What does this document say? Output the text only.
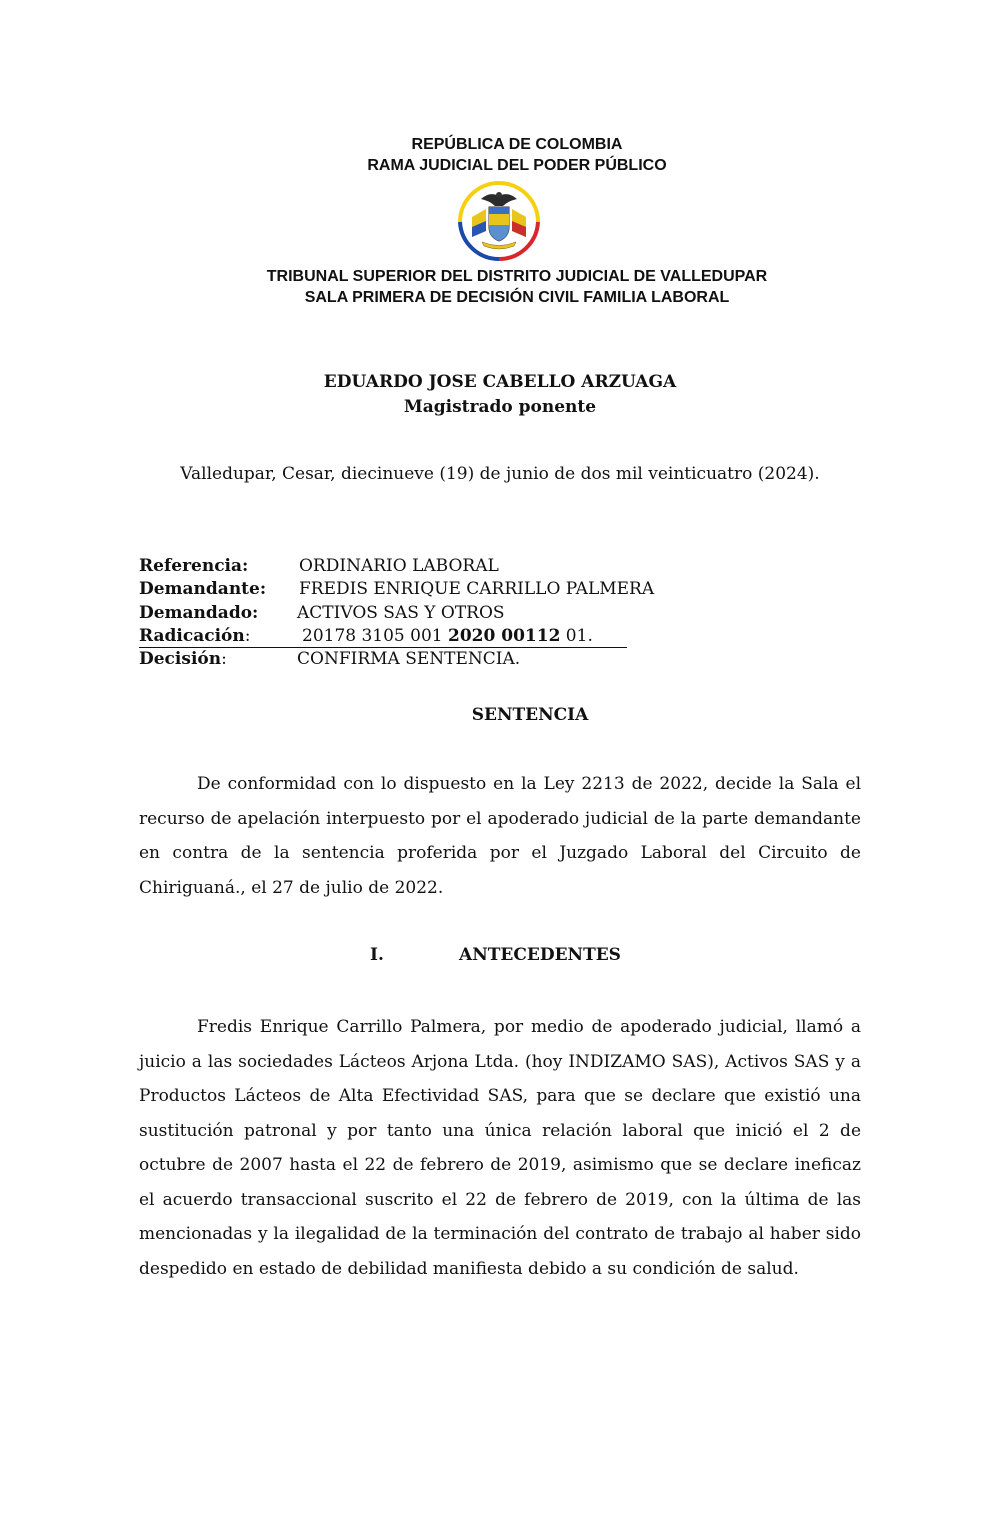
REPÚBLICA DE COLOMBIA
RAMA JUDICIAL DEL PODER PÚBLICO
TRIBUNAL SUPERIOR DEL DISTRITO JUDICIAL DE VALLEDUPAR
SALA PRIMERA DE DECISIÓN CIVIL FAMILIA LABORAL
EDUARDO JOSE CABELLO ARZUAGA
Magistrado ponente
Valledupar, Cesar, diecinueve (19) de junio de dos mil veinticuatro (2024).
Referencia:	ORDINARIO LABORAL
Demandante: FREDIS ENRIQUE CARRILLO PALMERA
Demandado: ACTIVOS SAS Y OTROS
Radicación:	20178 3105 001 2020 00112 01.
Decisión:	CONFIRMA SENTENCIA.
SENTENCIA

De conformidad con lo dispuesto en la Ley 2213 de 2022, decide la Sala el recurso de apelación interpuesto por el apoderado judicial de la parte demandante en contra de la sentencia proferida por el Juzgado Laboral del Circuito de Chiriguaná., el 27 de julio de 2022.

I.	ANTECEDENTES

Fredis Enrique Carrillo Palmera, por medio de apoderado judicial, llamó a juicio a las sociedades Lácteos Arjona Ltda. (hoy INDIZAMO SAS), Activos SAS y a Productos Lácteos de Alta Efectividad SAS, para que se declare que existió una sustitución patronal y por tanto una única relación laboral que inició el 2 de octubre de 2007 hasta el 22 de febrero de 2019, asimismo que se declare ineficaz el acuerdo transaccional suscrito el 22 de febrero de 2019, con la última de las mencionadas y la ilegalidad de la terminación del contrato de trabajo al haber sido despedido en estado de debilidad manifiesta debido a su condición de salud.
